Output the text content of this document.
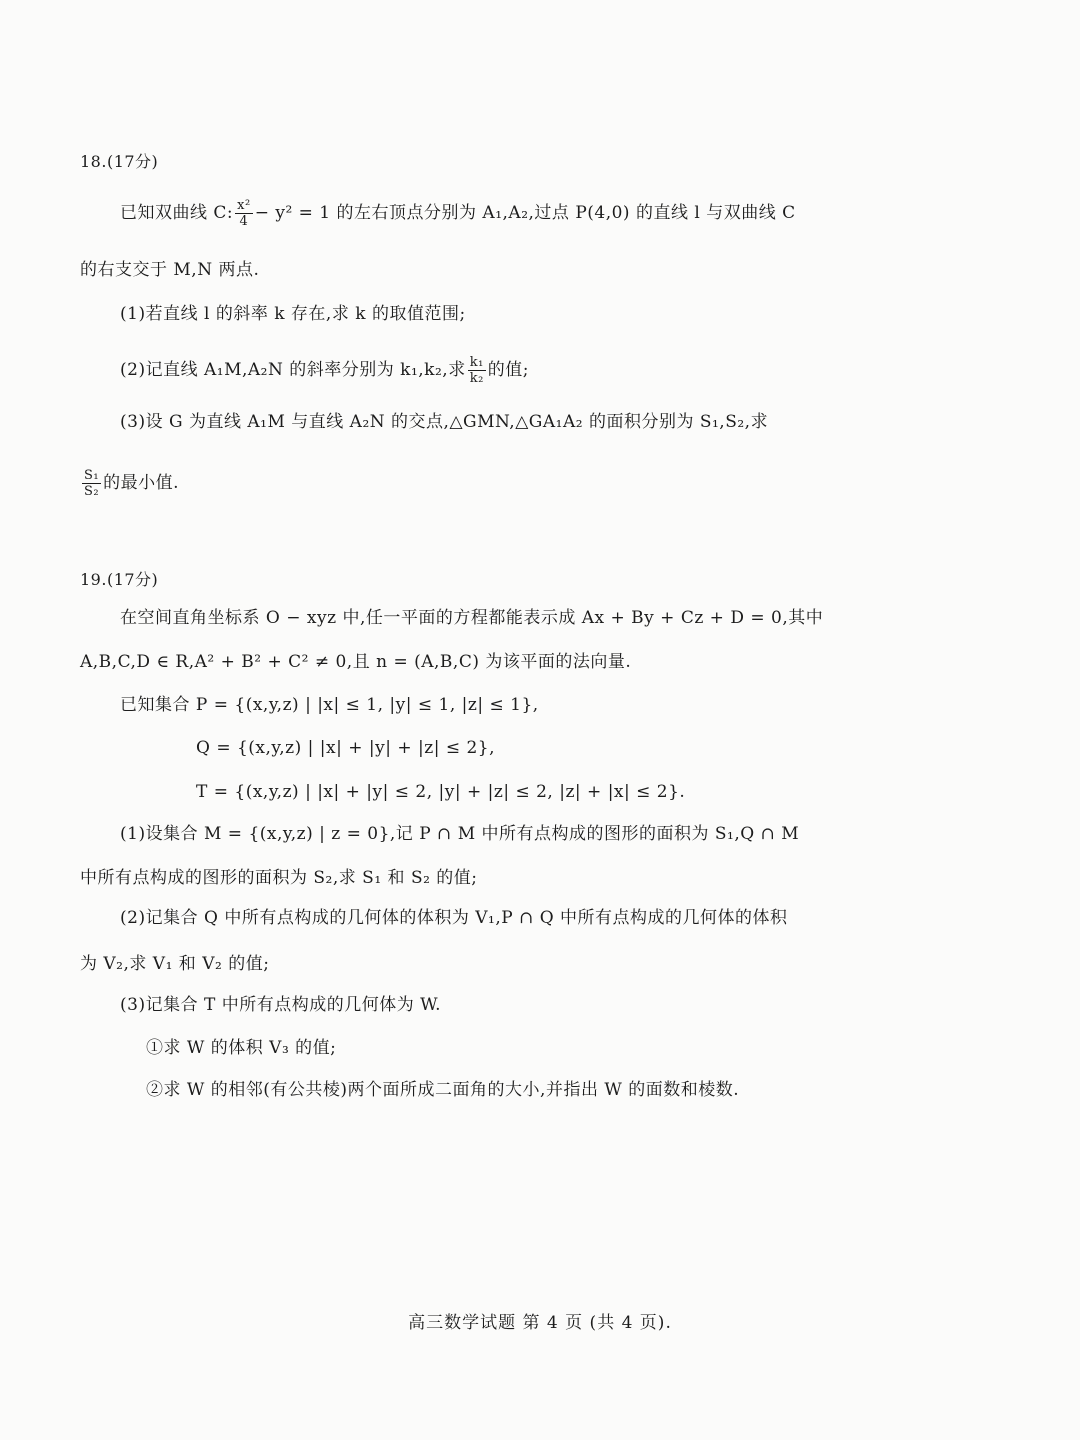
18.(17分)
已知双曲线 C: $\frac{\text{x²}}{4} - y^2 = 1$ 的左右顶点分别为 A₁,A₂,过点 P(4,0) 的直线 l 与双曲线 C
的右支交于 M,N 两点.
(1)若直线 l 的斜率 k 存在,求 k 的取值范围;
(2)记直线 A₁M,A₂N 的斜率分别为 k₁,k₂,求 $\frac{\text{k₁}}{\text{k₂}}$ 的值;
(3)设 G 为直线 A₁M 与直线 A₂N 的交点,△GMN,△GA₁A₂ 的面积分别为 S₁,S₂,求
$\frac{\text{S₁}}{\text{S₂}}$ 的最小值.
19.(17分)
在空间直角坐标系 O − xyz 中,任一平面的方程都能表示成 Ax + By + Cz + D = 0,其中
A,B,C,D ∈ R,A² + B² + C² ≠ 0,且 n = (A,B,C) 为该平面的法向量.
已知集合 P = {(x,y,z) | |x| ≤ 1, |y| ≤ 1, |z| ≤ 1},
Q = {(x,y,z) | |x| + |y| + |z| ≤ 2},
T = {(x,y,z) | |x| + |y| ≤ 2, |y| + |z| ≤ 2, |z| + |x| ≤ 2}.
(1)设集合 M = {(x,y,z) | z = 0},记 P ∩ M 中所有点构成的图形的面积为 S₁,Q ∩ M
中所有点构成的图形的面积为 S₂,求 S₁ 和 S₂ 的值;
(2)记集合 Q 中所有点构成的几何体的体积为 V₁,P ∩ Q 中所有点构成的几何体的体积
为 V₂,求 V₁ 和 V₂ 的值;
(3)记集合 T 中所有点构成的几何体为 W.
①求 W 的体积 V₃ 的值;
②求 W 的相邻(有公共棱)两个面所成二面角的大小,并指出 W 的面数和棱数.
高三数学试题 第 4 页 (共 4 页).
